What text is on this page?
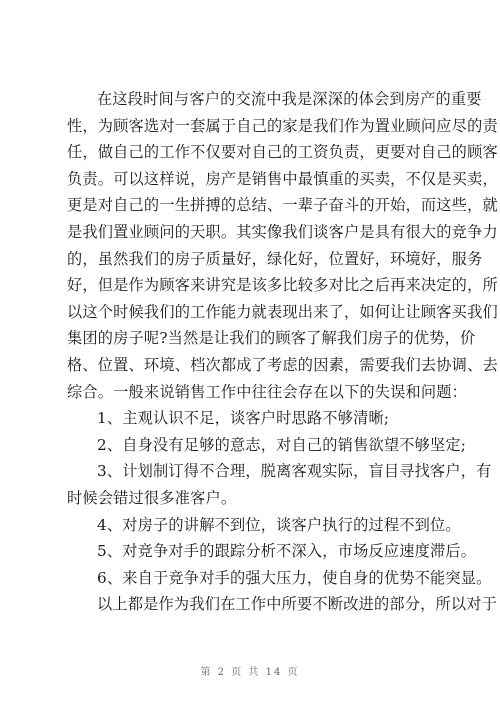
在这段时间与客户的交流中我是深深的体会到房产的重要
性，为顾客选对一套属于自己的家是我们作为置业顾问应尽的责
任，做自己的工作不仅要对自己的工资负责，更要对自己的顾客
负责。可以这样说，房产是销售中最慎重的买卖，不仅是买卖，
更是对自己的一生拼搏的总结、一辈子奋斗的开始，而这些，就
是我们置业顾问的天职。其实像我们谈客户是具有很大的竞争力
的，虽然我们的房子质量好，绿化好，位置好，环境好，服务
好，但是作为顾客来讲究是该多比较多对比之后再来决定的，所
以这个时候我们的工作能力就表现出来了，如何让让顾客买我们
集团的房子呢?当然是让我们的顾客了解我们房子的优势，价
格、位置、环境、档次都成了考虑的因素，需要我们去协调、去
综合。一般来说销售工作中往往会存在以下的失误和问题：
1、主观认识不足，谈客户时思路不够清晰;
2、自身没有足够的意志，对自己的销售欲望不够坚定;
3、计划制订得不合理，脱离客观实际，盲目寻找客户，有
时候会错过很多准客户。
4、对房子的讲解不到位，谈客户执行的过程不到位。
5、对竞争对手的跟踪分析不深入，市场反应速度滞后。
6、来自于竞争对手的强大压力，使自身的优势不能突显。
以上都是作为我们在工作中所要不断改进的部分，所以对于
第 2 页 共 14 页
